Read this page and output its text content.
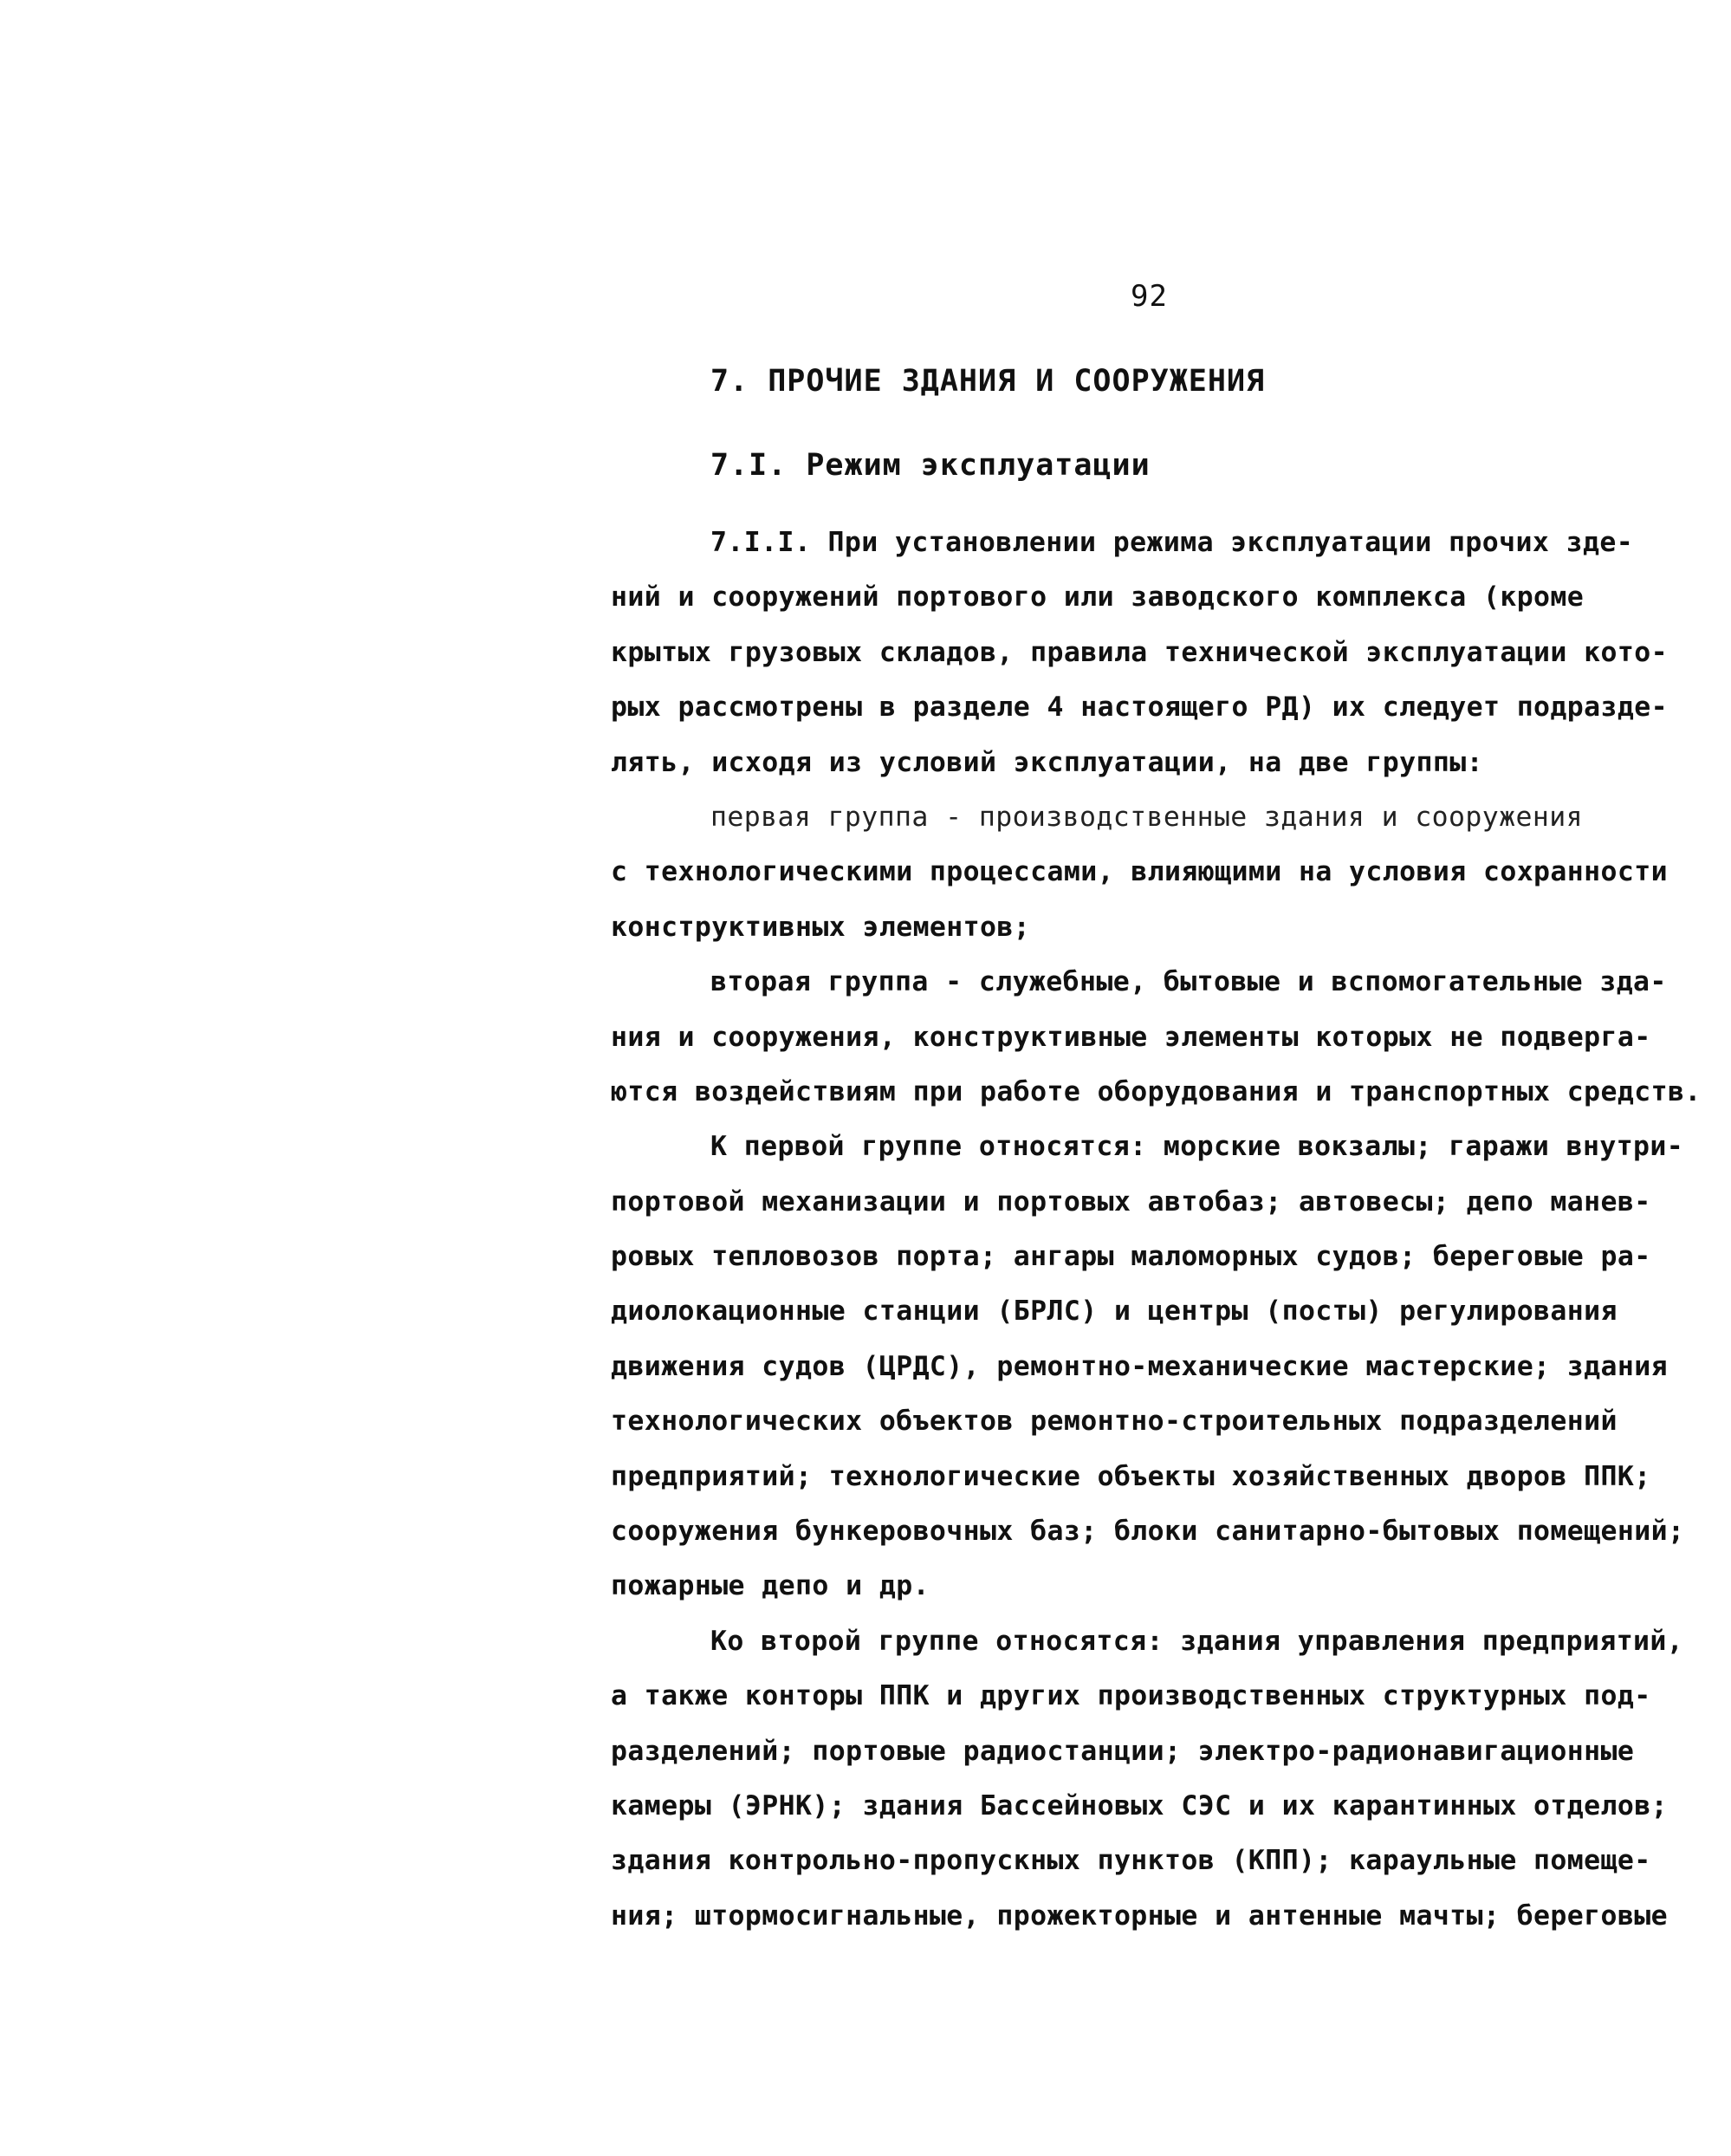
92
7. ПРОЧИЕ ЗДАНИЯ И СООРУЖЕНИЯ
7.I. Режим эксплуатации
7.I.I. При установлении режима эксплуатации прочих зде-
ний и сооружений портового или заводского комплекса (кроме
крытых грузовых складов, правила технической эксплуатации кото-
рых рассмотрены в разделе 4 настоящего РД) их следует подразде-
лять, исходя из условий эксплуатации, на две группы:
первая группа - производственные здания и сооружения
с технологическими процессами, влияющими на условия сохранности
конструктивных элементов;
вторая группа - служебные, бытовые и вспомогательные зда-
ния и сооружения, конструктивные элементы которых не подверга-
ются воздействиям при работе оборудования и транспортных средств.
К первой группе относятся: морские вокзалы; гаражи внутри-
портовой механизации и портовых автобаз; автовесы; депо манев-
ровых тепловозов порта; ангары маломорных судов; береговые ра-
диолокационные станции (БРЛС) и центры (посты) регулирования
движения судов (ЦРДС), ремонтно-механические мастерские; здания
технологических объектов ремонтно-строительных подразделений
предприятий; технологические объекты хозяйственных дворов ППК;
сооружения бункеровочных баз; блоки санитарно-бытовых помещений;
пожарные депо и др.
Ко второй группе относятся: здания управления предприятий,
а также конторы ППК и других производственных структурных под-
разделений; портовые радиостанции; электро-радионавигационные
камеры (ЭРНК); здания Бассейновых СЭС и их карантинных отделов;
здания контрольно-пропускных пунктов (КПП); караульные помеще-
ния; штормосигнальные, прожекторные и антенные мачты; береговые
